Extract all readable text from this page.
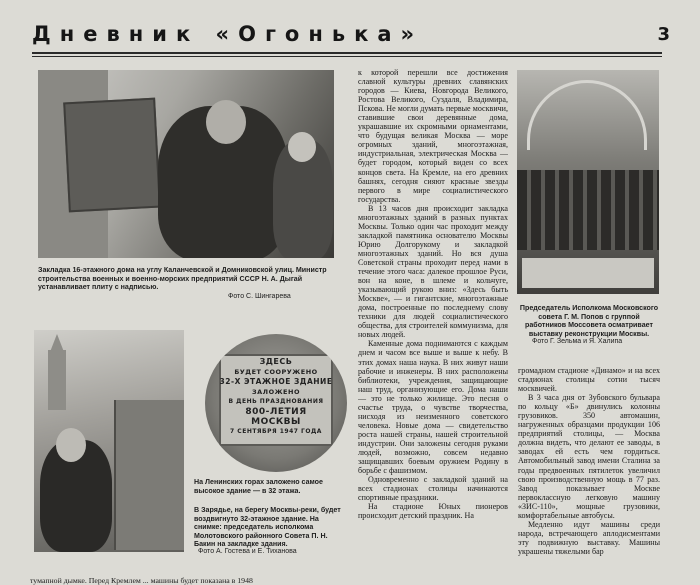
Дневник «Огонька»	3
Закладка 16-этажного дома на углу Каланчевской и Домниковской улиц. Министр строительства военных и военно-морских предприятий СССР Н. А. Дыгай устанавливает плиту с надписью.
Фото С. Шингарева

к которой перешли все достижения славной культуры древних славянских городов — Киева, Новгорода Великого, Ростова Великого, Суздаля, Владимира, Пскова. Не могли думать первые москвичи, ставившие свои деревянные дома, украшавшие их скромными орнаментами, что будущая великая Москва — море огромных зданий, многоэтажная, индустриальная, электрическая Москва — будет городом, который виден со всех концов света. На Кремле, на его древних башнях, сегодня сияют красные звезды первого в мире социалистического государства.

В 13 часов дня происходит закладка многоэтажных зданий в разных пунктах Москвы. Только один час проходит между закладкой памятника основателю Москвы Юрию Долгорукому и закладкой многоэтажных зданий. Но вся душа Советской страны проходит перед нами в течение этого часа: далекое прошлое Руси, вон на коне, в шлеме и кольчуге, указывающий рукою вниз: «Здесь быть Москве», — и гигантские, многоэтажные дома, построенные по последнему слову техники для людей социалистического общества, для строителей коммунизма, для новых людей.

Каменные дома поднимаются с каждым днем и часом все выше и выше к небу. В этих домах наша наука. В них живут наши рабочие и инженеры. В них расположены библиотеки, учреждения, защищающие наш труд, организующие его. Дома наши — это не только жилище. Это песня о счастье труда, о чувстве творчества, нисходя из неизменного советского человека. Новые дома — свидетельство роста нашей страны, нашей строительной индустрии. Они заложены сегодня руками людей, возможно, совсем недавно защищавших боевым оружием Родину в борьбе с фашизмом.

Одновременно с закладкой зданий на всех стадионах столицы начинаются спортивные праздники.

На стадионе Юных пионеров происходит детский праздник. На

Председатель Исполкома Московского совета Г. М. Попов с группой работников Моссовета осматривает выставку реконструкции Москвы.
Фото Г. Зельма и Я. Халипа

громадном стадионе «Динамо» и на всех стадионах столицы сотни тысяч москвичей.

В 3 часа дня от Зубовского бульвара по кольцу «Б» двинулись колонны грузовиков. 350 автомашин, нагруженных образцами продукции 106 предприятий столицы, — Москва должна видеть, что делают ее заводы, в заводах ей есть чем гордиться. Автомобильный завод имени Сталина за годы предвоенных пятилеток увеличил свою производственную мощь в 77 раз. Завод показывает Москве первоклассную легковую машину «ЗИС-110», мощные грузовики, комфортабельные автобусы.

Медленно идут машины среди народа, встречающего аплодисментами эту подвижную выставку. Машины украшены тяжелыми бар

В Зарядье, на берегу Москвы-реки, будет воздвигнуто 32-этажное здание. На снимке: председатель исполкома Молотовского районного Совета П. Н. Бакин на закладке здания.
ЗДЕСЬ
БУДЕТ СООРУЖЕНО
32-Х ЭТАЖНОЕ ЗДАНИЕ
ЗАЛОЖЕНО
В ДЕНЬ ПРАЗДНОВАНИЯ
800-ЛЕТИЯ МОСКВЫ
7 СЕНТЯБРЯ 1947 ГОДА
На Ленинских горах заложено самое высокое здание — в 32 этажа.
Фото А. Гостева и Е. Тиханова
тумапной дымке. Перед Кремлем ... машины будет показана в 1948
